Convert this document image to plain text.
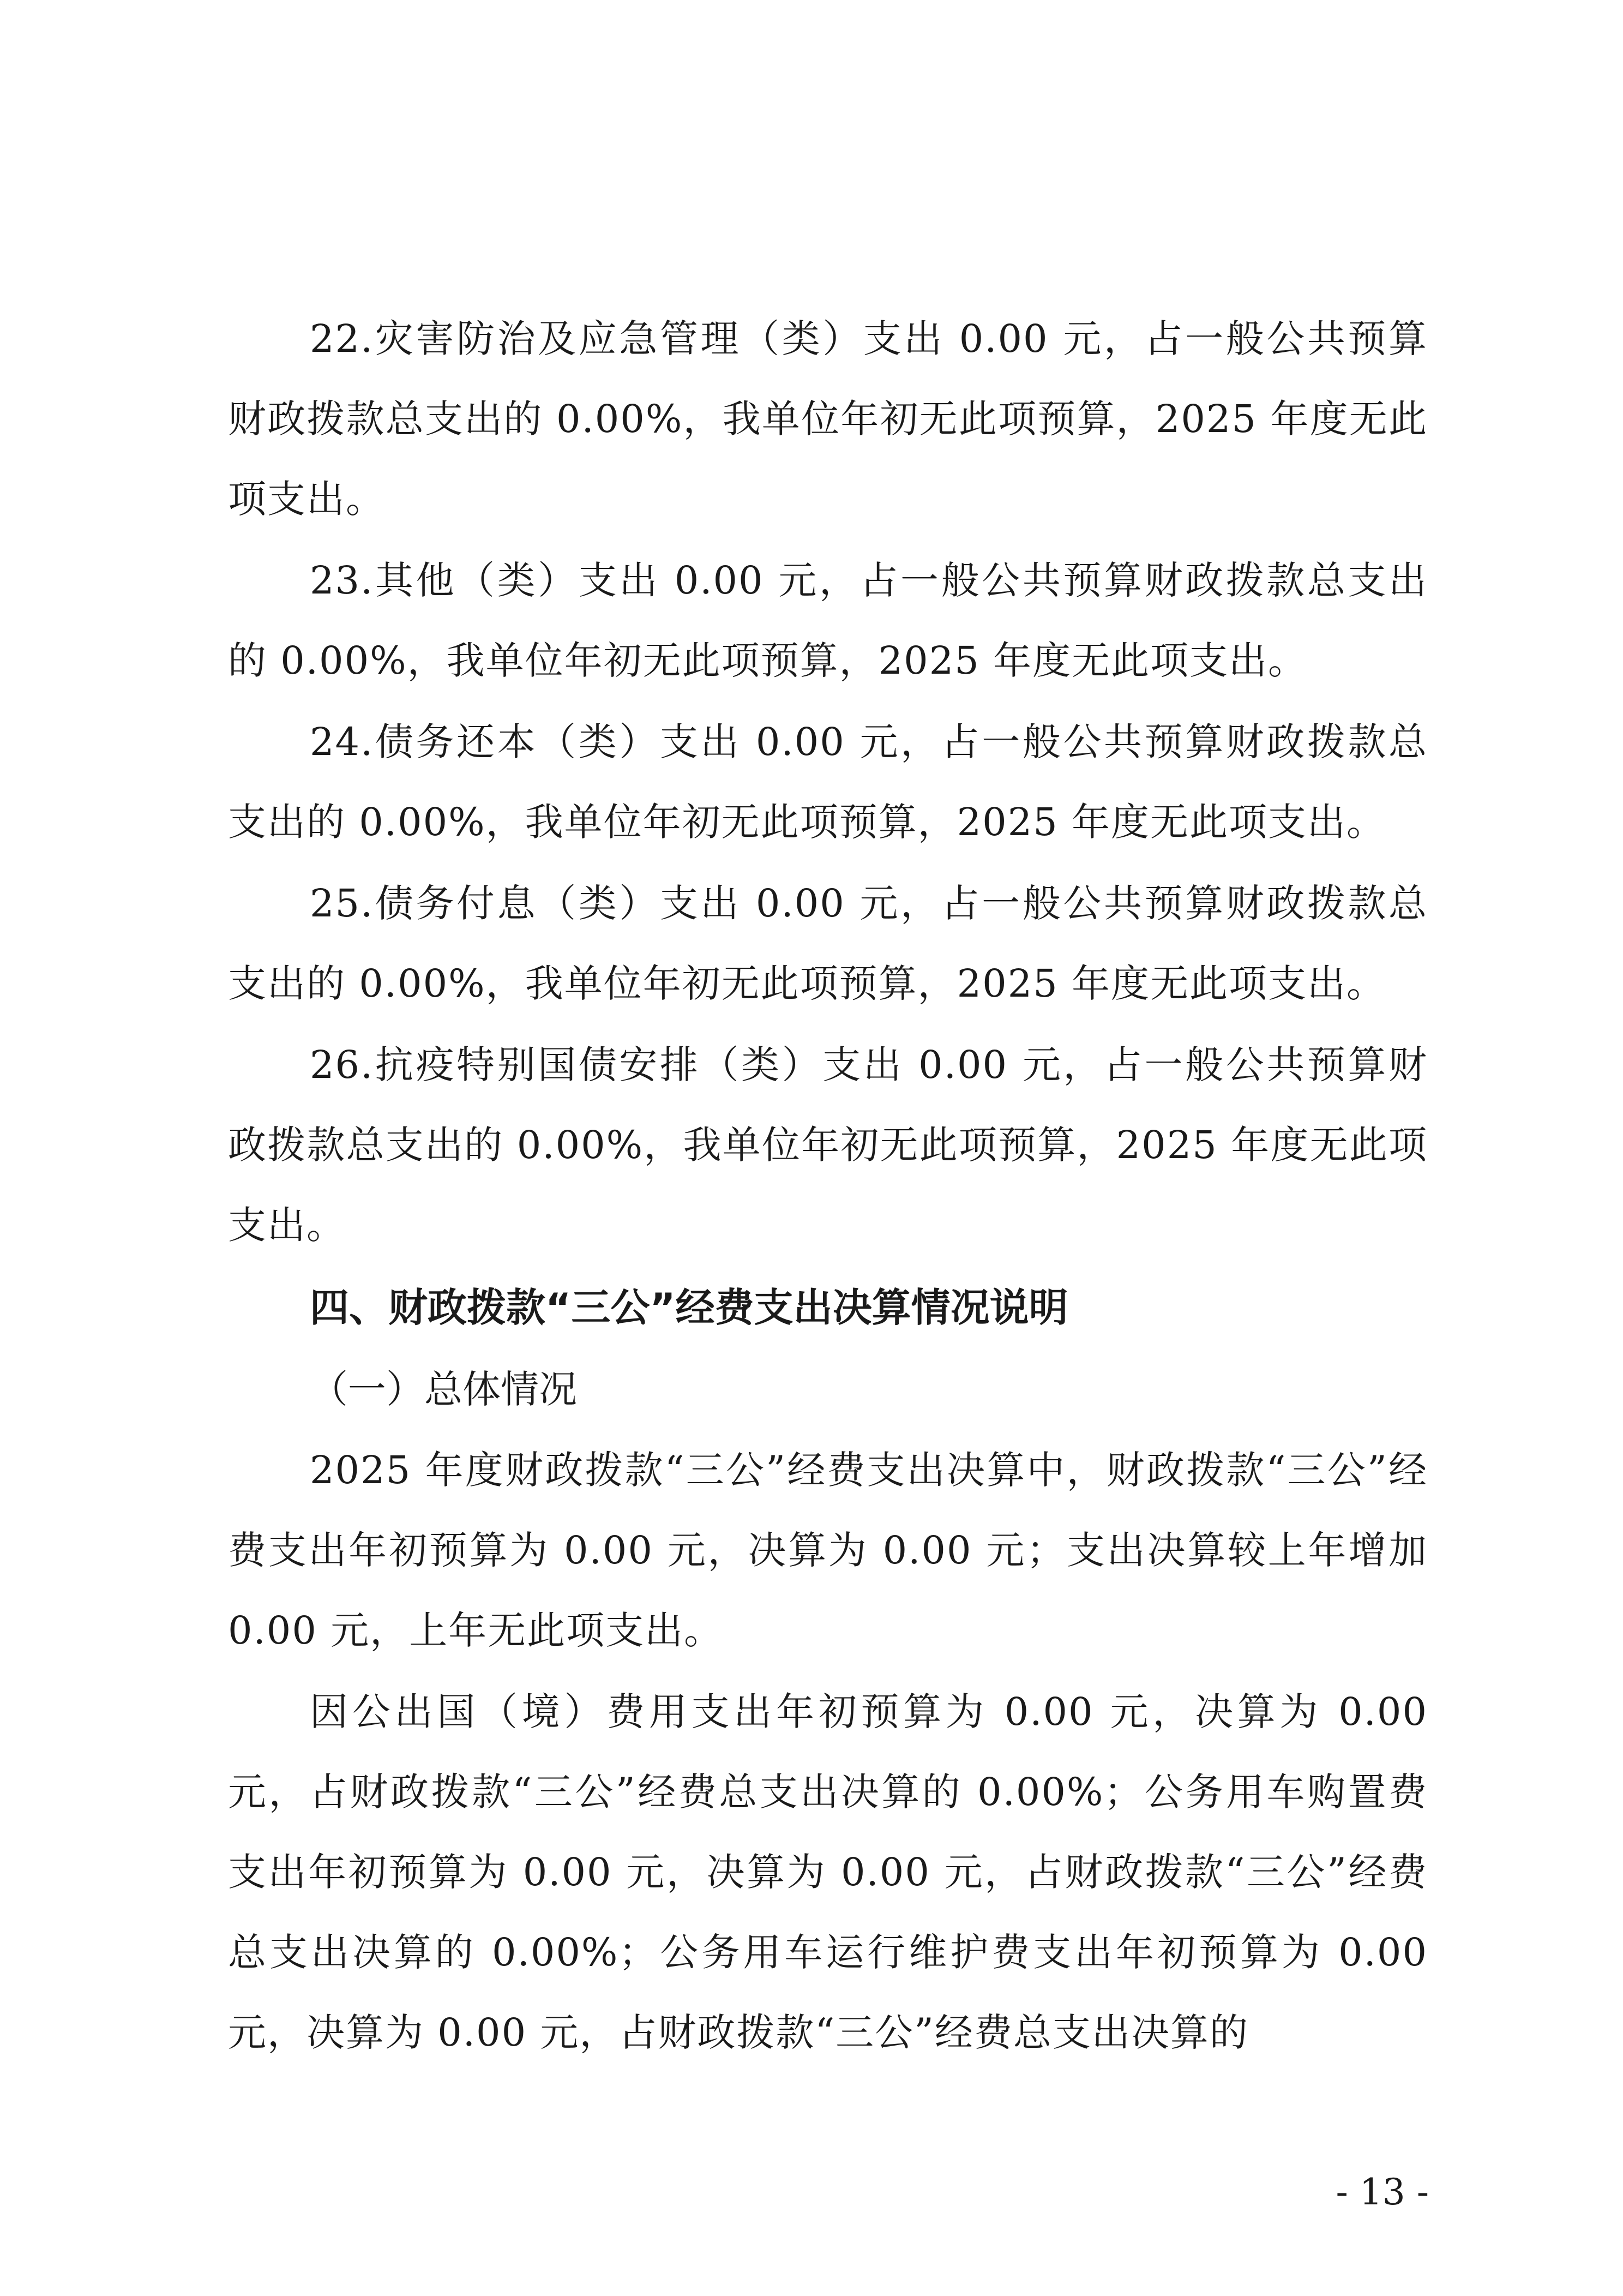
22.灾害防治及应急管理（类）支出 0.00 元，占一般公共预算财政拨款总支出的 0.00%，我单位年初无此项预算，2025 年度无此项支出。

23.其他（类）支出 0.00 元，占一般公共预算财政拨款总支出的 0.00%，我单位年初无此项预算，2025 年度无此项支出。

24.债务还本（类）支出 0.00 元，占一般公共预算财政拨款总支出的 0.00%，我单位年初无此项预算，2025 年度无此项支出。

25.债务付息（类）支出 0.00 元，占一般公共预算财政拨款总支出的 0.00%，我单位年初无此项预算，2025 年度无此项支出。

26.抗疫特别国债安排（类）支出 0.00 元，占一般公共预算财政拨款总支出的 0.00%，我单位年初无此项预算，2025 年度无此项支出。

四、财政拨款“三公”经费支出决算情况说明

（一）总体情况

2025 年度财政拨款“三公”经费支出决算中，财政拨款“三公”经费支出年初预算为 0.00 元，决算为 0.00 元；支出决算较上年增加 0.00 元，上年无此项支出。

因公出国（境）费用支出年初预算为 0.00 元，决算为 0.00 元，占财政拨款“三公”经费总支出决算的 0.00%；公务用车购置费支出年初预算为 0.00 元，决算为 0.00 元，占财政拨款“三公”经费总支出决算的 0.00%；公务用车运行维护费支出年初预算为 0.00 元，决算为 0.00 元，占财政拨款“三公”经费总支出决算的

- 13 -
